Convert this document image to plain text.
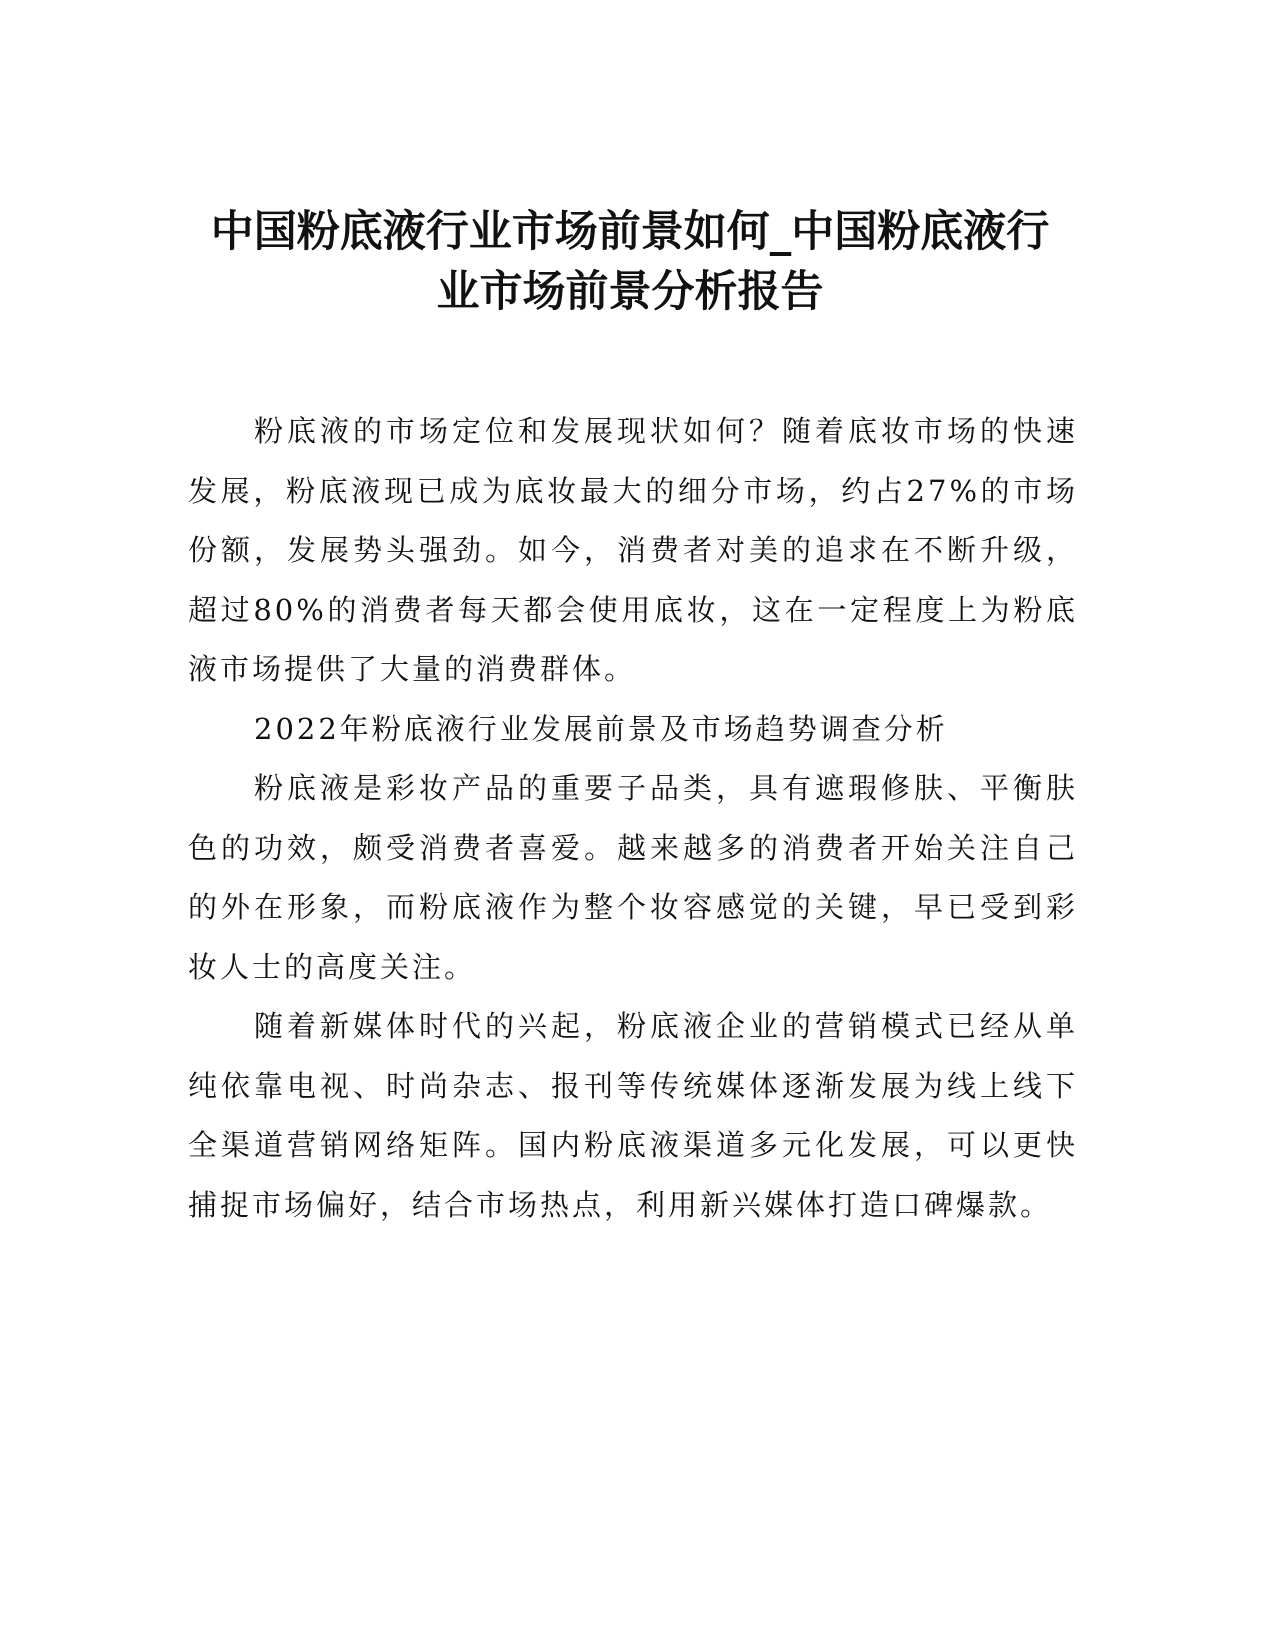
中国粉底液行业市场前景如何_中国粉底液行
业市场前景分析报告

粉底液的市场定位和发展现状如何？随着底妆市场的快速发展，粉底液现已成为底妆最大的细分市场，约占27%的市场份额，发展势头强劲。如今，消费者对美的追求在不断升级，超过80%的消费者每天都会使用底妆，这在一定程度上为粉底液市场提供了大量的消费群体。

2022年粉底液行业发展前景及市场趋势调查分析

粉底液是彩妆产品的重要子品类，具有遮瑕修肤、平衡肤色的功效，颇受消费者喜爱。越来越多的消费者开始关注自己的外在形象，而粉底液作为整个妆容感觉的关键，早已受到彩妆人士的高度关注。

随着新媒体时代的兴起，粉底液企业的营销模式已经从单纯依靠电视、时尚杂志、报刊等传统媒体逐渐发展为线上线下全渠道营销网络矩阵。国内粉底液渠道多元化发展，可以更快捕捉市场偏好，结合市场热点，利用新兴媒体打造口碑爆款。
